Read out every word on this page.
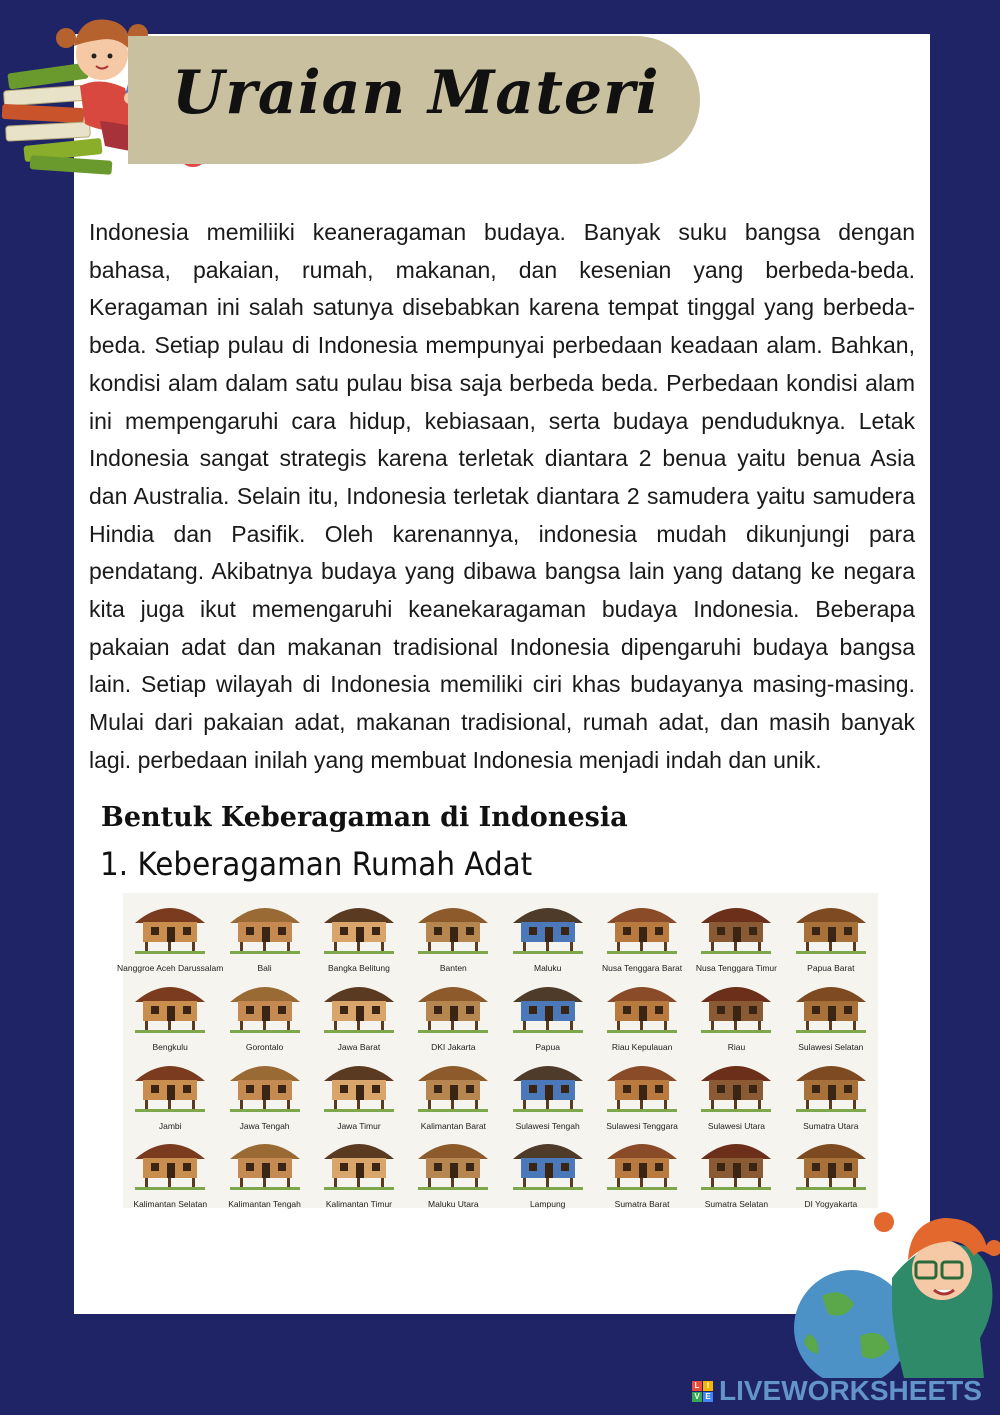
Uraian Materi

Indonesia memiliiki keaneragaman budaya. Banyak suku bangsa dengan bahasa, pakaian, rumah, makanan, dan kesenian yang berbeda-beda. Keragaman ini salah satunya disebabkan karena tempat tinggal yang berbeda-beda. Setiap pulau di Indonesia mempunyai perbedaan keadaan alam. Bahkan, kondisi alam dalam satu pulau bisa saja berbeda beda. Perbedaan kondisi alam ini mempengaruhi cara hidup, kebiasaan, serta budaya penduduknya. Letak Indonesia sangat strategis karena terletak diantara 2 benua yaitu benua Asia dan Australia. Selain itu, Indonesia terletak diantara 2 samudera yaitu samudera Hindia dan Pasifik. Oleh karenannya, indonesia mudah dikunjungi para pendatang. Akibatnya budaya yang dibawa bangsa lain yang datang ke negara kita juga ikut memengaruhi keanekaragaman budaya Indonesia. Beberapa pakaian adat dan makanan tradisional Indonesia dipengaruhi budaya bangsa lain. Setiap wilayah di Indonesia memiliki ciri khas budayanya masing-masing. Mulai dari pakaian adat, makanan tradisional, rumah adat, dan masih banyak lagi. perbedaan inilah yang membuat Indonesia menjadi indah dan unik.

Bentuk Keberagaman di Indonesia
1. Keberagaman Rumah Adat
Nanggroe Aceh Darussalam	Bali	Bangka Belitung	Banten	Maluku	Nusa Tenggara Barat	Nusa Tenggara Timur	Papua Barat
Bengkulu	Gorontalo	Jawa Barat	DKI Jakarta	Papua	Riau Kepulauan	Riau	Sulawesi Selatan
Jambi	Jawa Tengah	Jawa Timur	Kalimantan Barat	Sulawesi Tengah	Sulawesi Tenggara	Sulawesi Utara	Sumatra Utara
Kalimantan Selatan	Kalimantan Tengah	Kalimantan Timur	Maluku Utara	Lampung	Sumatra Barat	Sumatra Selatan	DI Yogyakarta
L I
V E LIVEWORKSHEETS
